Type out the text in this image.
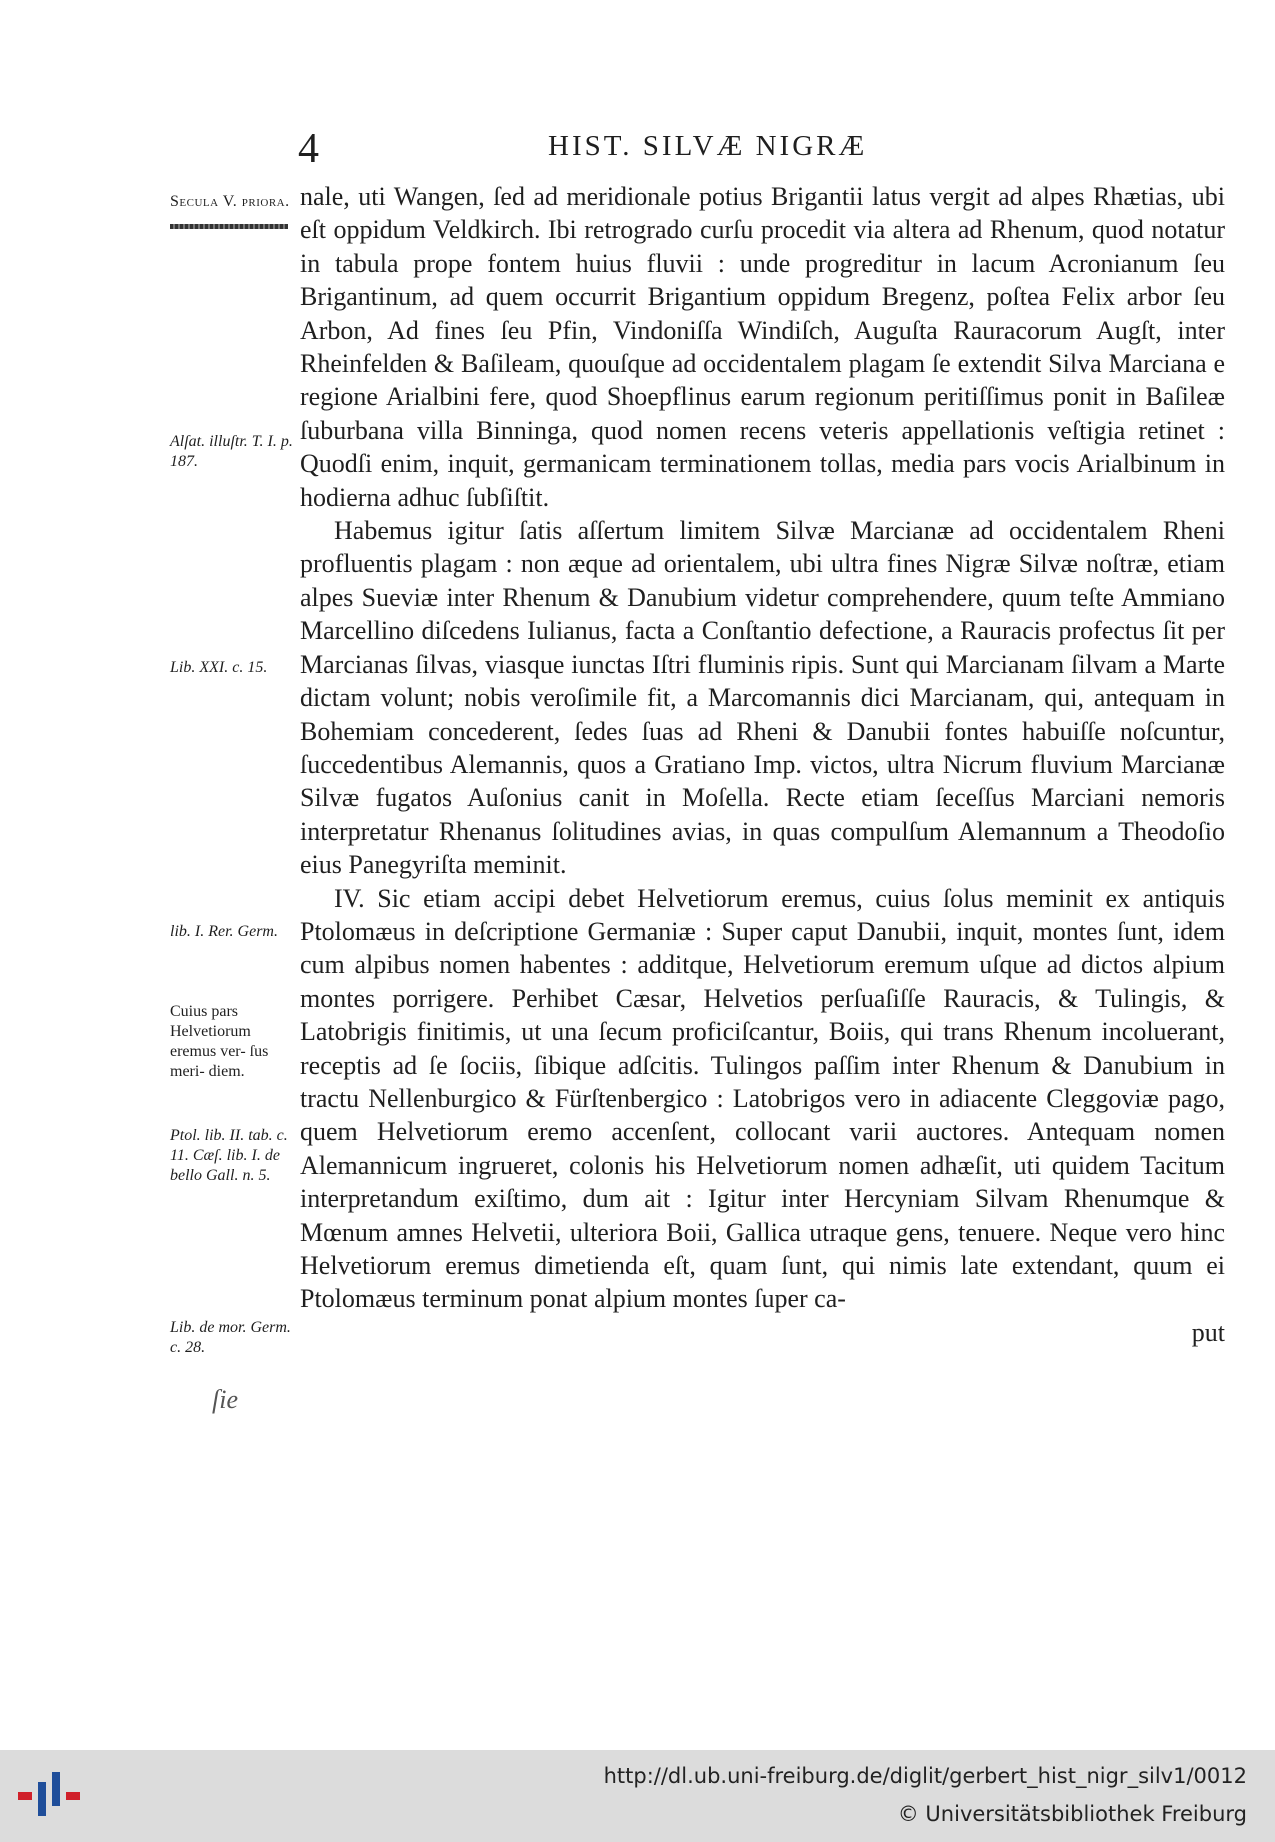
4	HIST. SILVÆ NIGRÆ
Secula V. priora.
Alſat. illuſtr. T. I. p. 187.
Lib. XXI. c. 15.
lib. I. Rer. Germ.
Cuius pars Helvetiorum eremus ver- ſus meri- diem.
Ptol. lib. II. tab. c. 11. Cæſ. lib. I. de bello Gall. n. 5.
Lib. de mor. Germ. c. 28.
ſie

nale, uti Wangen, ſed ad meridionale potius Brigantii latus vergit ad alpes Rhætias, ubi eſt oppidum Veldkirch. Ibi retrogrado curſu procedit via altera ad Rhenum, quod notatur in tabula prope fontem huius fluvii : unde progreditur in lacum Acronianum ſeu Brigantinum, ad quem occurrit Brigantium oppidum Bregenz, poſtea Felix arbor ſeu Arbon, Ad fines ſeu Pfin, Vindoniſſa Windiſch, Auguſta Rauracorum Augſt, inter Rheinfelden & Baſileam, quouſque ad occidentalem plagam ſe extendit Silva Marciana e regione Arialbini fere, quod Shoepflinus earum regionum peritiſſimus ponit in Baſileæ ſuburbana villa Binninga, quod nomen recens veteris appellationis veſtigia retinet : Quodſi enim, inquit, germanicam terminationem tollas, media pars vocis Arialbinum in hodierna adhuc ſubſiſtit.

Habemus igitur ſatis aſſertum limitem Silvæ Marcianæ ad occidentalem Rheni profluentis plagam : non æque ad orientalem, ubi ultra fines Nigræ Silvæ noſtræ, etiam alpes Sueviæ inter Rhenum & Danubium videtur comprehendere, quum teſte Ammiano Marcellino diſcedens Iulianus, facta a Conſtantio defectione, a Rauracis profectus ſit per Marcianas ſilvas, viasque iunctas Iſtri fluminis ripis. Sunt qui Marcianam ſilvam a Marte dictam volunt; nobis veroſimile fit, a Marcomannis dici Marcianam, qui, antequam in Bohemiam concederent, ſedes ſuas ad Rheni & Danubii fontes habuiſſe noſcuntur, ſuccedentibus Alemannis, quos a Gratiano Imp. victos, ultra Nicrum fluvium Marcianæ Silvæ fugatos Auſonius canit in Moſella. Recte etiam ſeceſſus Marciani nemoris interpretatur Rhenanus ſolitudines avias, in quas compulſum Alemannum a Theodoſio eius Panegyriſta meminit.

IV. Sic etiam accipi debet Helvetiorum eremus, cuius ſolus meminit ex antiquis Ptolomæus in deſcriptione Germaniæ : Super caput Danubii, inquit, montes ſunt, idem cum alpibus nomen habentes : additque, Helvetiorum eremum uſque ad dictos alpium montes porrigere. Perhibet Cæsar, Helvetios perſuaſiſſe Rauracis, & Tulingis, & Latobrigis finitimis, ut una ſecum proficiſcantur, Boiis, qui trans Rhenum incoluerant, receptis ad ſe ſociis, ſibique adſcitis. Tulingos paſſim inter Rhenum & Danubium in tractu Nellenburgico & Fürſtenbergico : Latobrigos vero in adiacente Cleggoviæ pago, quem Helvetiorum eremo accenſent, collocant varii auctores. Antequam nomen Alemannicum ingrueret, colonis his Helvetiorum nomen adhæſit, uti quidem Tacitum interpretandum exiſtimo, dum ait : Igitur inter Hercyniam Silvam Rhenumque & Mœnum amnes Helvetii, ulteriora Boii, Gallica utraque gens, tenuere. Neque vero hinc Helvetiorum eremus dimetienda eſt, quam ſunt, qui nimis late extendant, quum ei Ptolomæus terminum ponat alpium montes ſuper ca-

put

http://dl.ub.uni-freiburg.de/diglit/gerbert_hist_nigr_silv1/0012
© Universitätsbibliothek Freiburg
